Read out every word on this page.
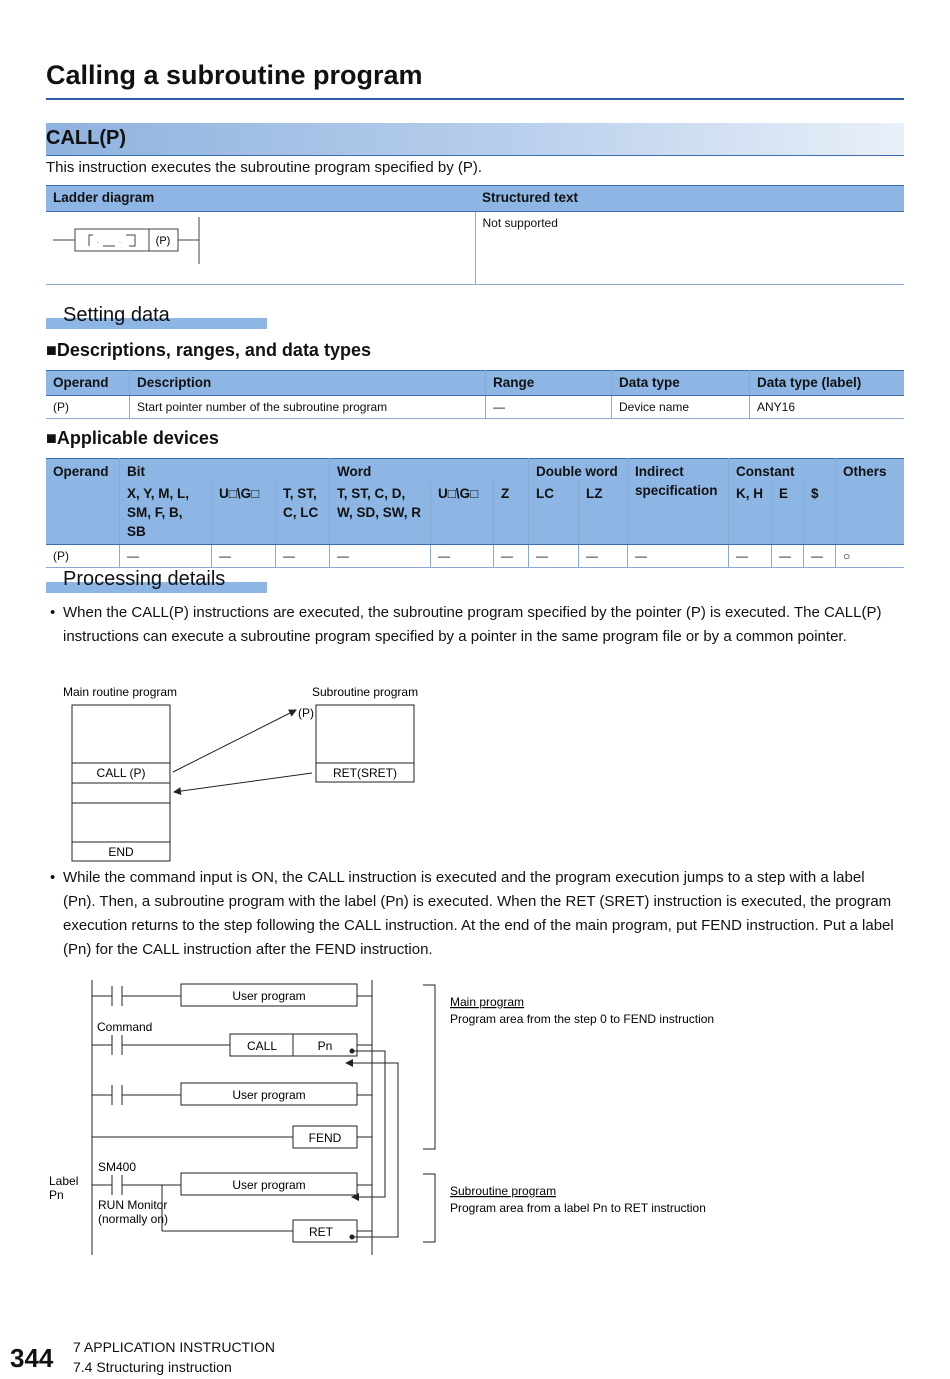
Calling a subroutine program
CALL(P)
This instruction executes the subroutine program specified by (P).
Ladder diagram	Structured text

(P)	Not supported
Setting data
■Descriptions, ranges, and data types
Operand	Description	Range	Data type	Data type (label)
(P)	Start pointer number of the subroutine program	—	Device name	ANY16
■Applicable devices
Operand	Bit			Word			Double word		Indirect specification	Constant			Others
	X, Y, M, L, SM, F, B, SB	U□\G□	T, ST, C, LC	T, ST, C, D, W, SD, SW, R	U□\G□	Z	LC	LZ		K, H	E	$	
(P)	—	—	—	—	—	—	—	—	—	—	—	—	○
Processing details
• When the CALL(P) instructions are executed, the subroutine program specified by the pointer (P) is executed. The CALL(P) instructions can execute a subroutine program specified by a pointer in the same program file or by a common pointer.
Main routine program	Subroutine program
CALL (P)
END
RET(SRET)
(P)
• While the command input is ON, the CALL instruction is executed and the program execution jumps to a step with a label (Pn). Then, a subroutine program with the label (Pn) is executed. When the RET (SRET) instruction is executed, the program execution returns to the step following the CALL instruction. At the end of the main program, put FEND instruction. Put a label (Pn) for the CALL instruction after the FEND instruction.
User program
Command
CALL	Pn
User program
FEND
SM400
Label
Pn
User program
RUN Monitor
(normally on)
RET
Main program
Program area from the step 0 to FEND instruction
Subroutine program
Program area from a label Pn to RET instruction
344 7 APPLICATION INSTRUCTION
7.4 Structuring instruction
